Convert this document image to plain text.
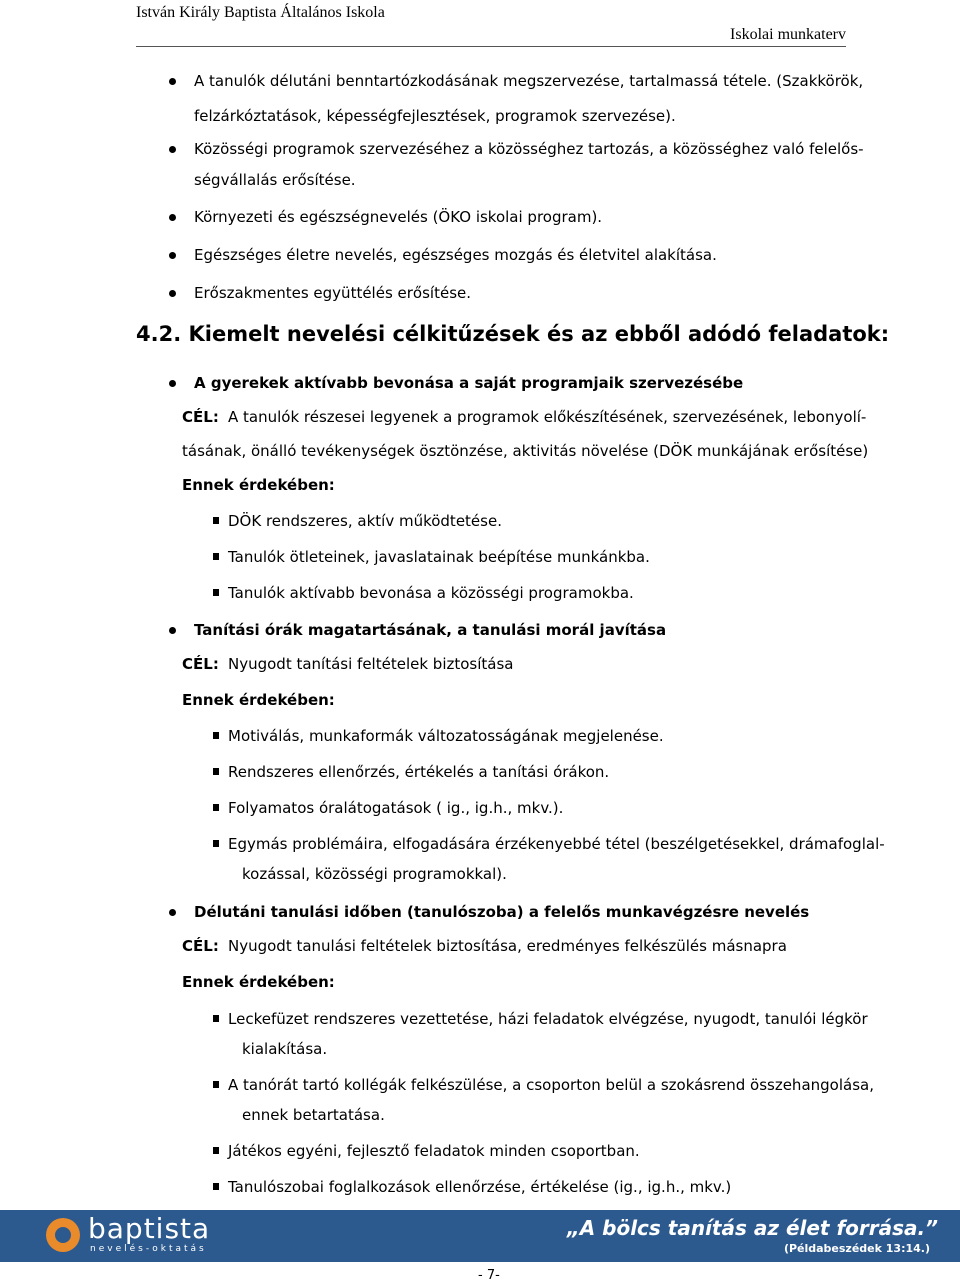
István Király Baptista Általános Iskola
Iskolai munkaterv
A tanulók délutáni benntartózkodásának megszervezése, tartalmassá tétele. (Szakkörök,
felzárkóztatások, képességfejlesztések, programok szervezése).
Közösségi programok szervezéséhez a közösséghez tartozás, a közösséghez való felelős-
ségvállalás erősítése.
Környezeti és egészségnevelés (ÖKO iskolai program).
Egészséges életre nevelés, egészséges mozgás és életvitel alakítása.
Erőszakmentes együttélés erősítése.
4.2. Kiemelt nevelési célkitűzések és az ebből adódó feladatok:
A gyerekek aktívabb bevonása a saját programjaik szervezésébe
CÉL: A tanulók részesei legyenek a programok előkészítésének, szervezésének, lebonyolí-
tásának, önálló tevékenységek ösztönzése, aktivitás növelése (DÖK munkájának erősítése)
Ennek érdekében:
DÖK rendszeres, aktív működtetése.
Tanulók ötleteinek, javaslatainak beépítése munkánkba.
Tanulók aktívabb bevonása a közösségi programokba.
Tanítási órák magatartásának, a tanulási morál javítása
CÉL: Nyugodt tanítási feltételek biztosítása
Ennek érdekében:
Motiválás, munkaformák változatosságának megjelenése.
Rendszeres ellenőrzés, értékelés a tanítási órákon.
Folyamatos óralátogatások ( ig., ig.h., mkv.).
Egymás problémáira, elfogadására érzékenyebbé tétel (beszélgetésekkel, drámafoglal-
kozással, közösségi programokkal).
Délutáni tanulási időben (tanulószoba) a felelős munkavégzésre nevelés
CÉL: Nyugodt tanulási feltételek biztosítása, eredményes felkészülés másnapra
Ennek érdekében:
Leckefüzet rendszeres vezettetése, házi feladatok elvégzése, nyugodt, tanulói légkör
kialakítása.
A tanórát tartó kollégák felkészülése, a csoporton belül a szokásrend összehangolása,
ennek betartatása.
Játékos egyéni, fejlesztő feladatok minden csoportban.
Tanulószobai foglalkozások ellenőrzése, értékelése (ig., ig.h., mkv.)
baptista
nevelés-oktatás
„A bölcs tanítás az élet forrása.”
(Példabeszédek 13:14.)
- 7-
